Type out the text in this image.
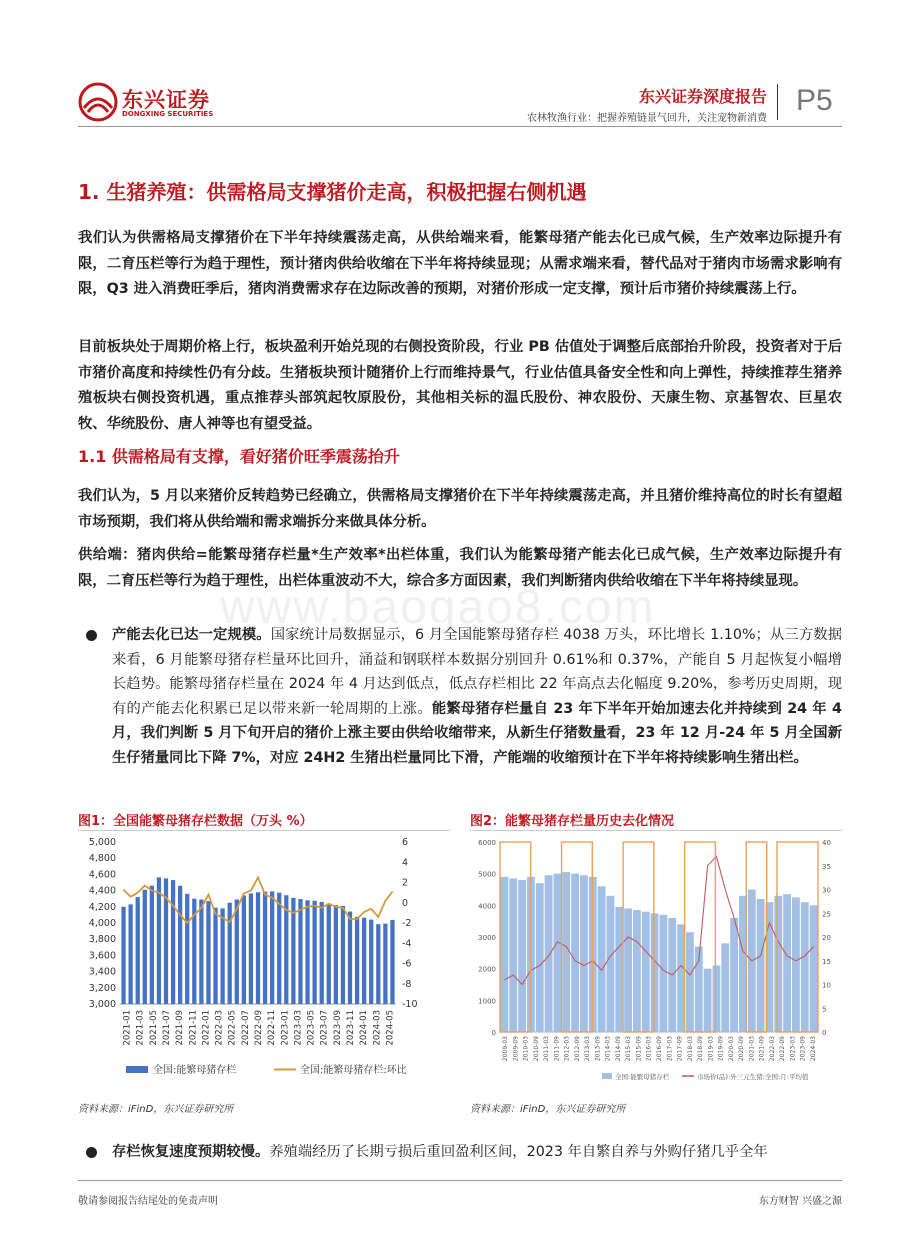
东兴证券
DONGXING SECURITIES
东兴证券深度报告
农林牧渔行业：把握养殖链景气回升，关注宠物新消费
P5
1. 生猪养殖：供需格局支撑猪价走高，积极把握右侧机遇
我们认为供需格局支撑猪价在下半年持续震荡走高，从供给端来看，能繁母猪产能去化已成气候，生产效率边际提升有限，二育压栏等行为趋于理性，预计猪肉供给收缩在下半年将持续显现；从需求端来看，替代品对于猪肉市场需求影响有限，Q3 进入消费旺季后，猪肉消费需求存在边际改善的预期，对猪价形成一定支撑，预计后市猪价持续震荡上行。
目前板块处于周期价格上行，板块盈利开始兑现的右侧投资阶段，行业 PB 估值处于调整后底部抬升阶段，投资者对于后市猪价高度和持续性仍有分歧。生猪板块预计随猪价上行而维持景气，行业估值具备安全性和向上弹性，持续推荐生猪养殖板块右侧投资机遇，重点推荐头部筑起牧原股份，其他相关标的温氏股份、神农股份、天康生物、京基智农、巨星农牧、华统股份、唐人神等也有望受益。
1.1 供需格局有支撑，看好猪价旺季震荡抬升
我们认为，5 月以来猪价反转趋势已经确立，供需格局支撑猪价在下半年持续震荡走高，并且猪价维持高位的时长有望超市场预期，我们将从供给端和需求端拆分来做具体分析。
供给端：猪肉供给=能繁母猪存栏量*生产效率*出栏体重，我们认为能繁母猪产能去化已成气候，生产效率边际提升有限，二育压栏等行为趋于理性，出栏体重波动不大，综合多方面因素，我们判断猪肉供给收缩在下半年将持续显现。
www.baogao8.com
产能去化已达一定规模。国家统计局数据显示，6 月全国能繁母猪存栏 4038 万头，环比增长 1.10%；从三方数据来看，6 月能繁母猪存栏量环比回升，涌益和钢联样本数据分别回升 0.61%和 0.37%，产能自 5 月起恢复小幅增长趋势。能繁母猪存栏量在 2024 年 4 月达到低点，低点存栏相比 22 年高点去化幅度 9.20%，参考历史周期，现有的产能去化积累已足以带来新一轮周期的上涨。能繁母猪存栏量自 23 年下半年开始加速去化并持续到 24 年 4 月，我们判断 5 月下旬开启的猪价上涨主要由供给收缩带来，从新生仔猪数量看，23 年 12 月-24 年 5 月全国新生仔猪量同比下降 7%，对应 24H2 生猪出栏量同比下滑，产能端的收缩预计在下半年将持续影响生猪出栏。
图1：全国能繁母猪存栏数据（万头 %）
5,000
4,800
4,600
4,400
4,200
4,000
3,800
3,600
3,400
3,200
3,000
6
4
2
0
-2
-4
-6
-8
-10
2021-01 2021-03 2021-05 2021-07 2021-09 2021-11 2022-01 2022-03 2022-05 2022-07 2022-09 2022-11 2023-01 2023-03 2023-05 2023-07 2023-09 2023-11 2024-01 2024-03 2024-05
全国:能繁母猪存栏	全国:能繁母猪存栏:环比
资料来源：iFinD，东兴证券研究所
图2：能繁母猪存栏量历史去化情况
6000
5000
4000
3000
2000
1000
0
40
35
30
25
20
15
10
5
0
2009-03 2009-09 2010-03 2010-09 2011-03 2011-09 2012-03 2012-09 2013-03 2013-09 2014-03 2014-09 2015-03 2015-09 2016-03 2016-09 2017-03 2017-09 2018-03 2018-09 2019-03 2019-09 2020-03 2020-09 2021-03 2021-09 2022-03 2022-09 2023-03 2023-09 2024-03
全国:能繁母猪存栏	市场价(品):外三元生猪:全国:月:平均值
资料来源：iFinD，东兴证券研究所
存栏恢复速度预期较慢。养殖端经历了长期亏损后重回盈利区间，2023 年自繁自养与外购仔猪几乎全年
敬请参阅报告结尾处的免责声明	东方财智 兴盛之源
